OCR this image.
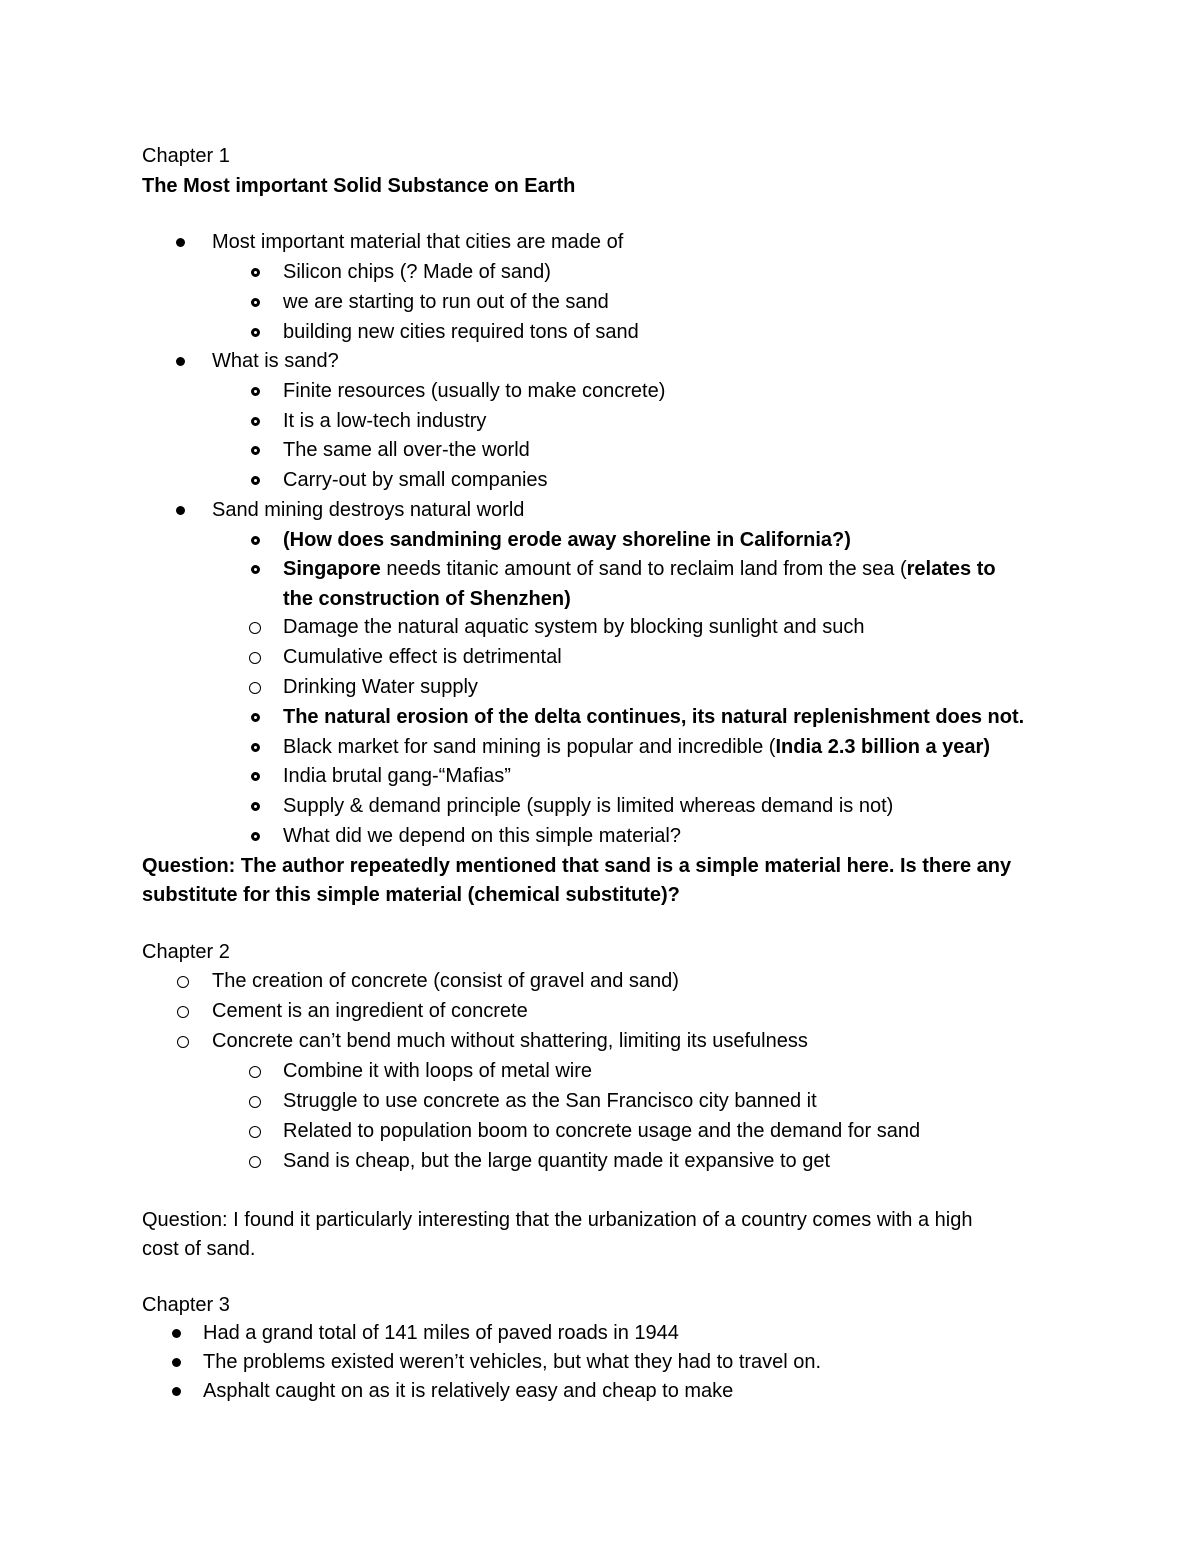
Chapter 1
The Most important Solid Substance on Earth
Most important material that cities are made of
Silicon chips (? Made of sand)
we are starting to run out of the sand
building new cities required tons of sand
What is sand?
Finite resources (usually to make concrete)
It is a low-tech industry
The same all over-the world
Carry-out by small companies
Sand mining destroys natural world
(How does sandmining erode away shoreline in California?)
Singapore needs titanic amount of sand to reclaim land from the sea (relates to
the construction of Shenzhen)
Damage the natural aquatic system by blocking sunlight and such
Cumulative effect is detrimental
Drinking Water supply
The natural erosion of the delta continues, its natural replenishment does not.
Black market for sand mining is popular and incredible (India 2.3 billion a year)
India brutal gang-“Mafias”
Supply & demand principle (supply is limited whereas demand is not)
What did we depend on this simple material?
Question: The author repeatedly mentioned that sand is a simple material here. Is there any
substitute for this simple material (chemical substitute)?
Chapter 2
The creation of concrete (consist of gravel and sand)
Cement is an ingredient of concrete
Concrete can’t bend much without shattering, limiting its usefulness
Combine it with loops of metal wire
Struggle to use concrete as the San Francisco city banned it
Related to population boom to concrete usage and the demand for sand
Sand is cheap, but the large quantity made it expansive to get
Question: I found it particularly interesting that the urbanization of a country comes with a high
cost of sand.
Chapter 3
Had a grand total of 141 miles of paved roads in 1944
The problems existed weren’t vehicles, but what they had to travel on.
Asphalt caught on as it is relatively easy and cheap to make
